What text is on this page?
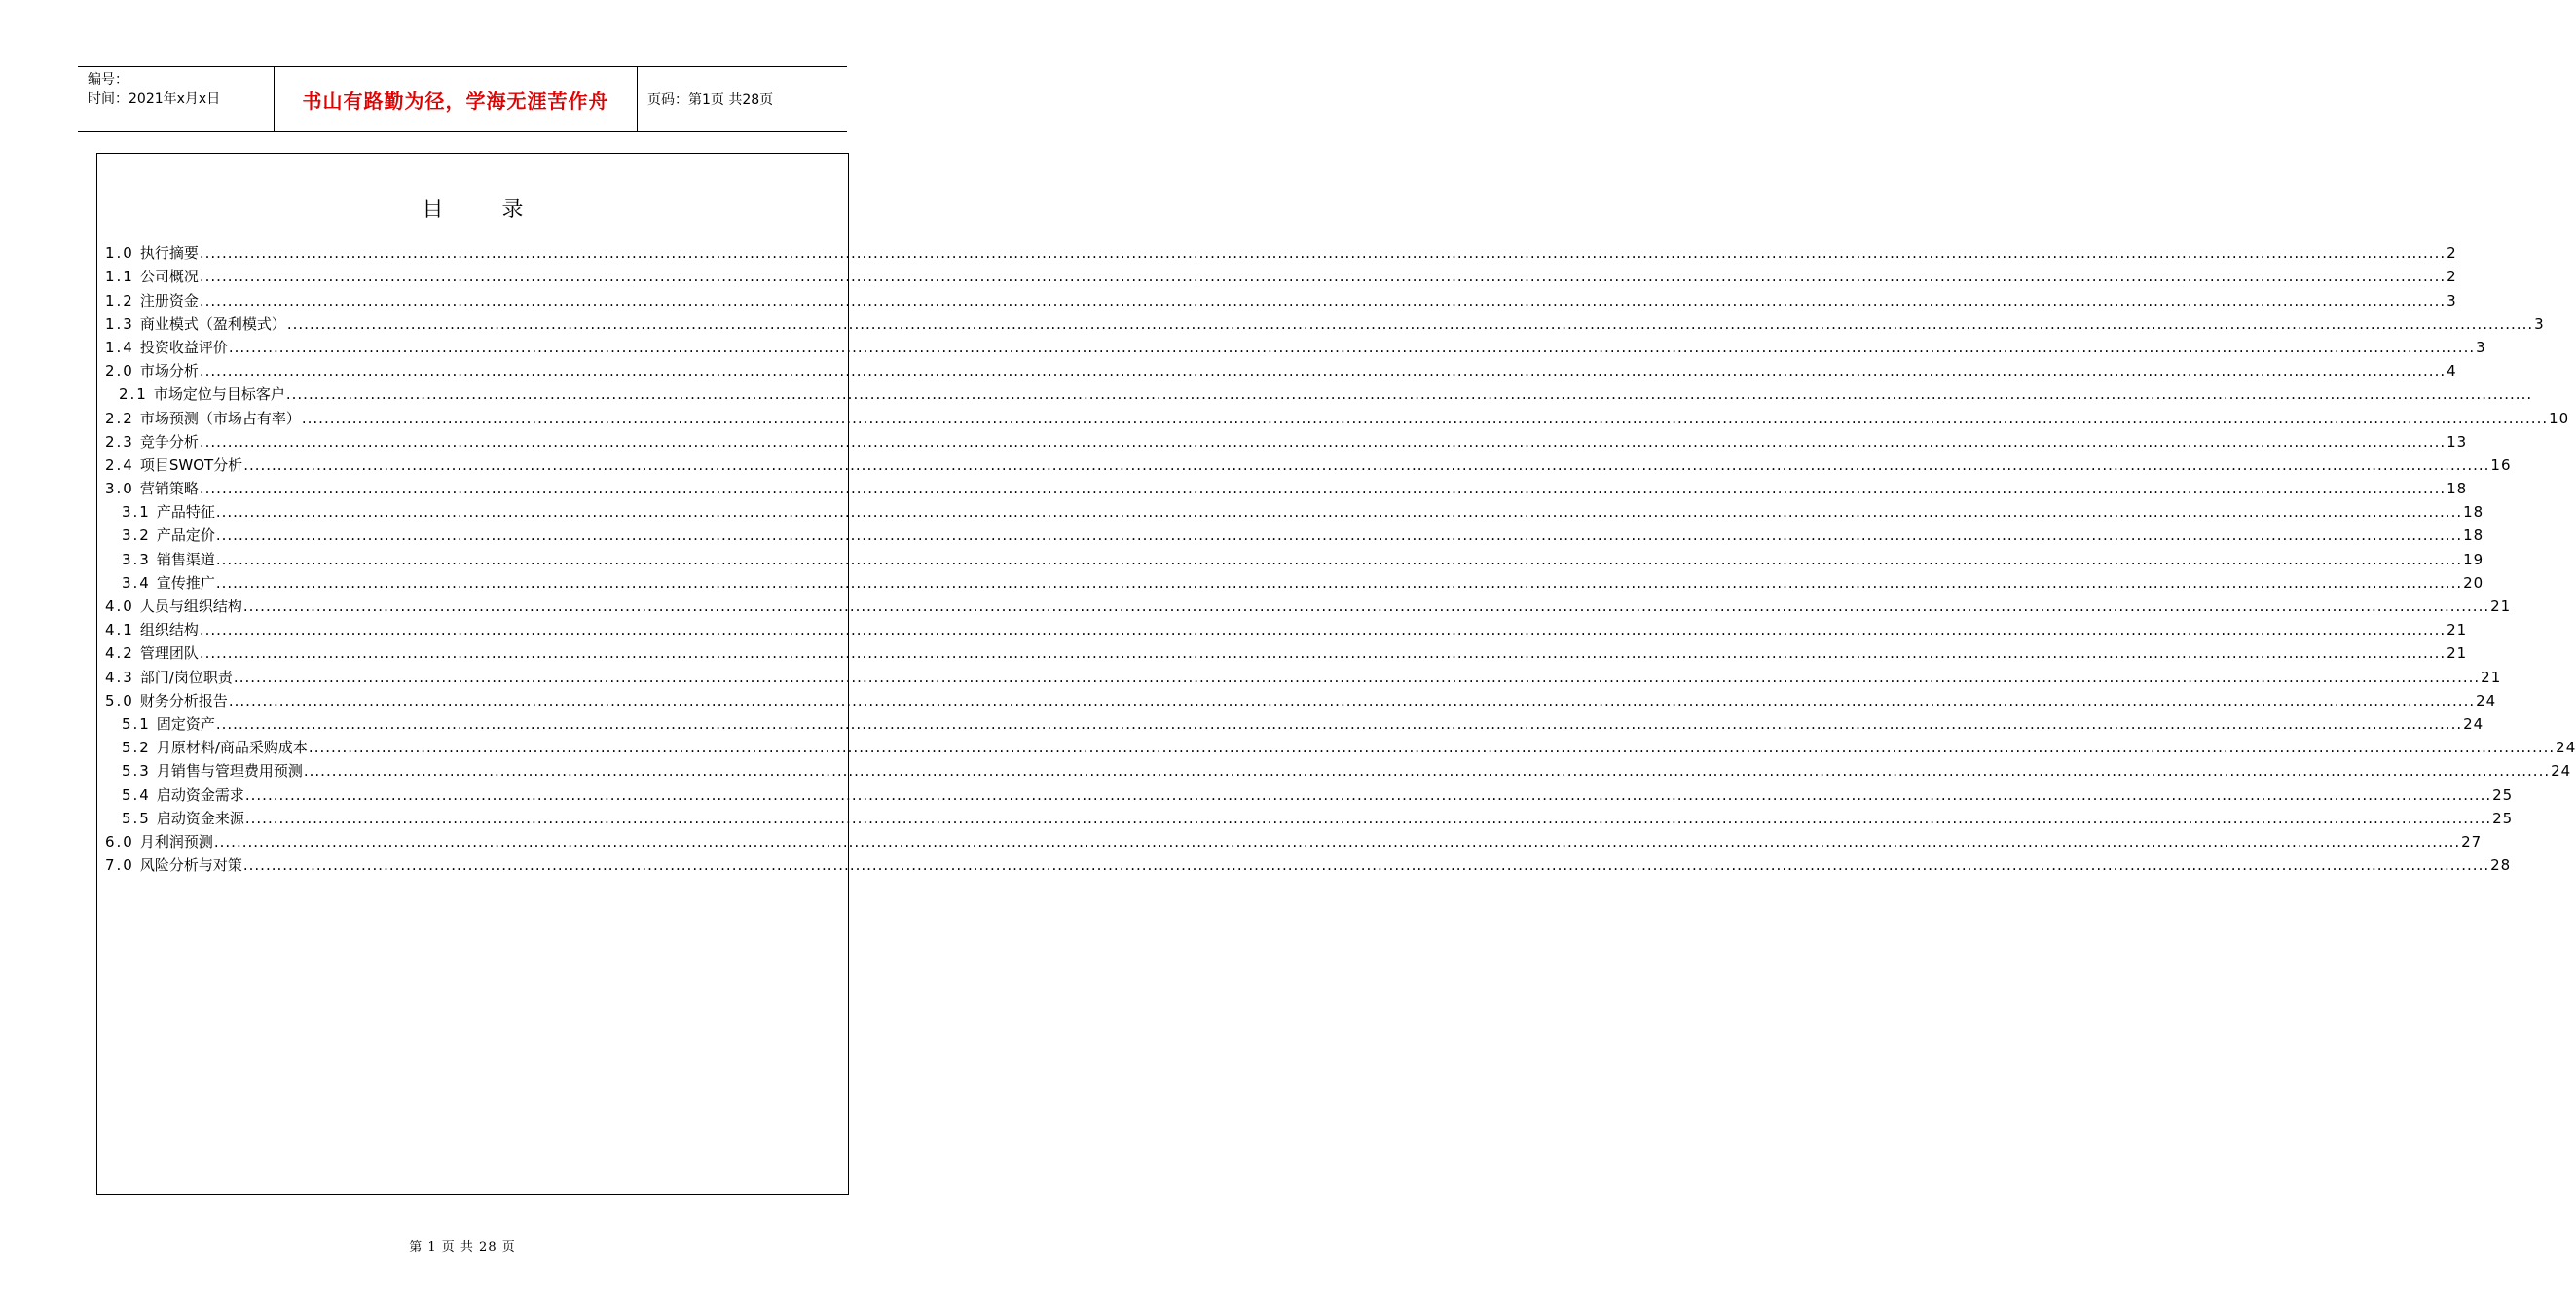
编号：
时间：2021年x月x日	书山有路勤为径，学海无涯苦作舟	页码：第1页 共28页
目录
1.0 执行摘要 ................................................................................................................................................................................................................................................................................................................................................................................................................ 2
1.1 公司概况 ................................................................................................................................................................................................................................................................................................................................................................................................................ 2
1.2 注册资金 ................................................................................................................................................................................................................................................................................................................................................................................................................ 3
1.3 商业模式（盈利模式） ................................................................................................................................................................................................................................................................................................................................................................................................................ 3
1.4 投资收益评价 ................................................................................................................................................................................................................................................................................................................................................................................................................ 3
2.0 市场分析 ................................................................................................................................................................................................................................................................................................................................................................................................................ 4
2.1 市场定位与目标客户 ................................................................................................................................................................................................................................................................................................................................................................................................................
2.2 市场预测（市场占有率） ................................................................................................................................................................................................................................................................................................................................................................................................................ 10
2.3 竞争分析 ................................................................................................................................................................................................................................................................................................................................................................................................................ 13
2.4 项目SWOT分析 ................................................................................................................................................................................................................................................................................................................................................................................................................ 16
3.0 营销策略 ................................................................................................................................................................................................................................................................................................................................................................................................................ 18
3.1 产品特征 ................................................................................................................................................................................................................................................................................................................................................................................................................ 18
3.2 产品定价 ................................................................................................................................................................................................................................................................................................................................................................................................................ 18
3.3 销售渠道 ................................................................................................................................................................................................................................................................................................................................................................................................................ 19
3.4 宣传推广 ................................................................................................................................................................................................................................................................................................................................................................................................................ 20
4.0 人员与组织结构 ................................................................................................................................................................................................................................................................................................................................................................................................................ 21
4.1 组织结构 ................................................................................................................................................................................................................................................................................................................................................................................................................ 21
4.2 管理团队 ................................................................................................................................................................................................................................................................................................................................................................................................................ 21
4.3 部门/岗位职责 ................................................................................................................................................................................................................................................................................................................................................................................................................ 21
5.0 财务分析报告 ................................................................................................................................................................................................................................................................................................................................................................................................................ 24
5.1 固定资产 ................................................................................................................................................................................................................................................................................................................................................................................................................ 24
5.2 月原材料/商品采购成本 ................................................................................................................................................................................................................................................................................................................................................................................................................ 24
5.3 月销售与管理费用预测 ................................................................................................................................................................................................................................................................................................................................................................................................................ 24
5.4 启动资金需求 ................................................................................................................................................................................................................................................................................................................................................................................................................ 25
5.5 启动资金来源 ................................................................................................................................................................................................................................................................................................................................................................................................................ 25
6.0 月利润预测 ................................................................................................................................................................................................................................................................................................................................................................................................................ 27
7.0 风险分析与对策 ................................................................................................................................................................................................................................................................................................................................................................................................................ 28
第 1 页 共 28 页
